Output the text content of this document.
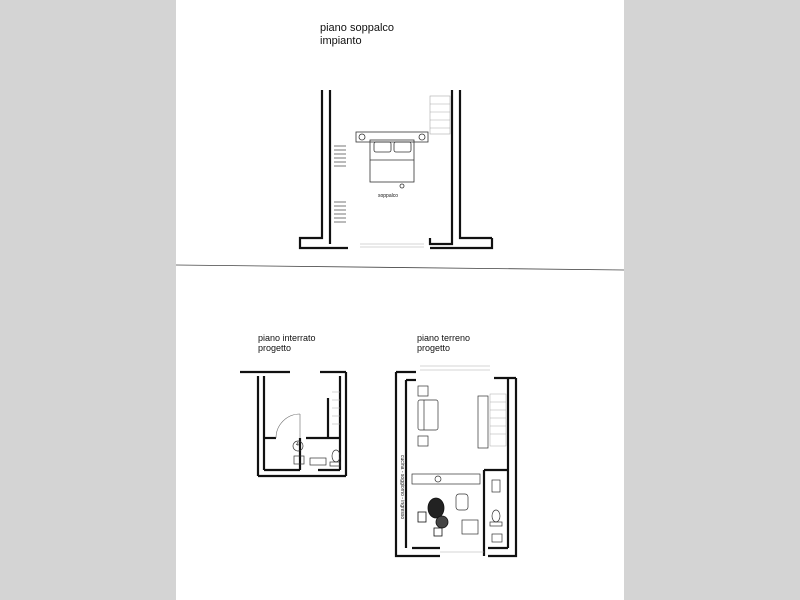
piano soppalco
impianto
soppalco
piano interrato
progetto
4
piano terreno
progetto
cucina - soggiorno - ingresso
